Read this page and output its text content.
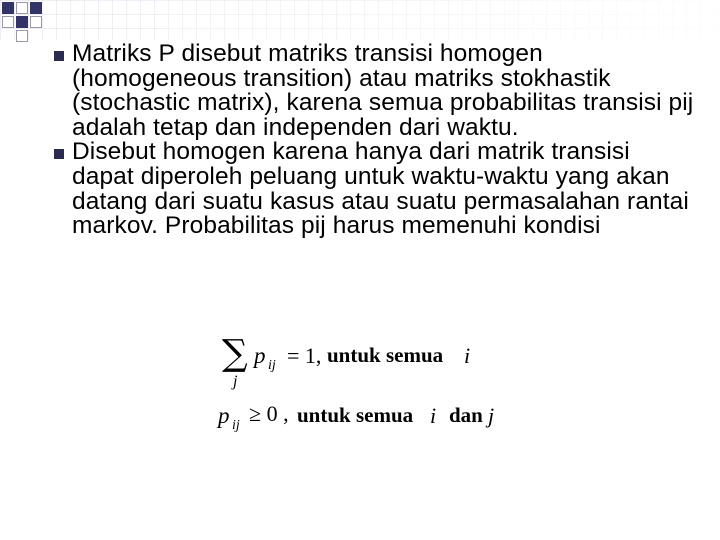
Matriks P disebut matriks transisi homogen (homogeneous transition) atau matriks stokhastik (stochastic matrix), karena semua probabilitas transisi pij adalah tetap dan independen dari waktu.
Disebut homogen karena hanya dari matrik transisi dapat diperoleh peluang untuk waktu-waktu yang akan datang dari suatu kasus atau suatu permasalahan rantai markov. Probabilitas pij harus memenuhi kondisi
∑
j
p ij = 1, untuk semua i
p ij ≥ 0 , untuk semua i dan j
